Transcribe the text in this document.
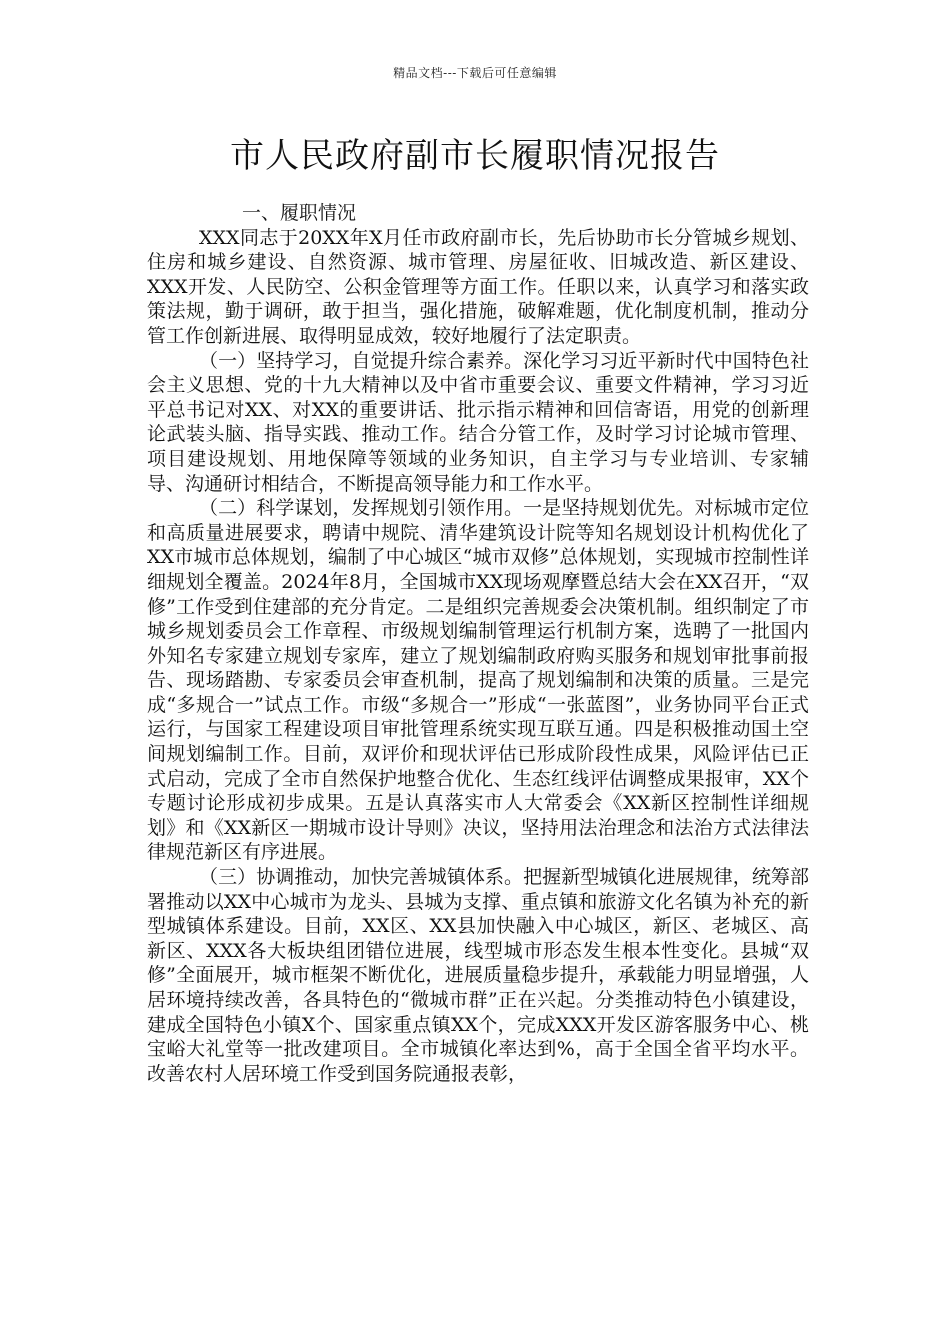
精品文档---下载后可任意编辑
市人民政府副市长履职情况报告

一、履职情况

XXX同志于20XX年X月任市政府副市长，先后协助市长分管城乡规划、住房和城乡建设、自然资源、城市管理、房屋征收、旧城改造、新区建设、XXX开发、人民防空、公积金管理等方面工作。任职以来，认真学习和落实政策法规，勤于调研，敢于担当，强化措施，破解难题，优化制度机制，推动分管工作创新进展、取得明显成效，较好地履行了法定职责。

（一）坚持学习，自觉提升综合素养。深化学习习近平新时代中国特色社会主义思想、党的十九大精神以及中省市重要会议、重要文件精神，学习习近平总书记对XX、对XX的重要讲话、批示指示精神和回信寄语，用党的创新理论武装头脑、指导实践、推动工作。结合分管工作，及时学习讨论城市管理、项目建设规划、用地保障等领域的业务知识，自主学习与专业培训、专家辅导、沟通研讨相结合，不断提高领导能力和工作水平。

（二）科学谋划，发挥规划引领作用。一是坚持规划优先。对标城市定位和高质量进展要求，聘请中规院、清华建筑设计院等知名规划设计机构优化了XX市城市总体规划，编制了中心城区“城市双修”总体规划，实现城市控制性详细规划全覆盖。2024年8月，全国城市XX现场观摩暨总结大会在XX召开，“双修”工作受到住建部的充分肯定。二是组织完善规委会决策机制。组织制定了市城乡规划委员会工作章程、市级规划编制管理运行机制方案，选聘了一批国内外知名专家建立规划专家库，建立了规划编制政府购买服务和规划审批事前报告、现场踏勘、专家委员会审查机制，提高了规划编制和决策的质量。三是完成“多规合一”试点工作。市级“多规合一”形成“一张蓝图”，业务协同平台正式运行，与国家工程建设项目审批管理系统实现互联互通。四是积极推动国土空间规划编制工作。目前，双评价和现状评估已形成阶段性成果，风险评估已正式启动，完成了全市自然保护地整合优化、生态红线评估调整成果报审，XX个专题讨论形成初步成果。五是认真落实市人大常委会《XX新区控制性详细规划》和《XX新区一期城市设计导则》决议，坚持用法治理念和法治方式法律法律规范新区有序进展。

（三）协调推动，加快完善城镇体系。把握新型城镇化进展规律，统筹部署推动以XX中心城市为龙头、县城为支撑、重点镇和旅游文化名镇为补充的新型城镇体系建设。目前，XX区、XX县加快融入中心城区，新区、老城区、高新区、XXX各大板块组团错位进展，线型城市形态发生根本性变化。县城“双修”全面展开，城市框架不断优化，进展质量稳步提升，承载能力明显增强，人居环境持续改善，各具特色的“微城市群”正在兴起。分类推动特色小镇建设，建成全国特色小镇X个、国家重点镇XX个，完成XXX开发区游客服务中心、桃宝峪大礼堂等一批改建项目。全市城镇化率达到%，高于全国全省平均水平。改善农村人居环境工作受到国务院通报表彰，
